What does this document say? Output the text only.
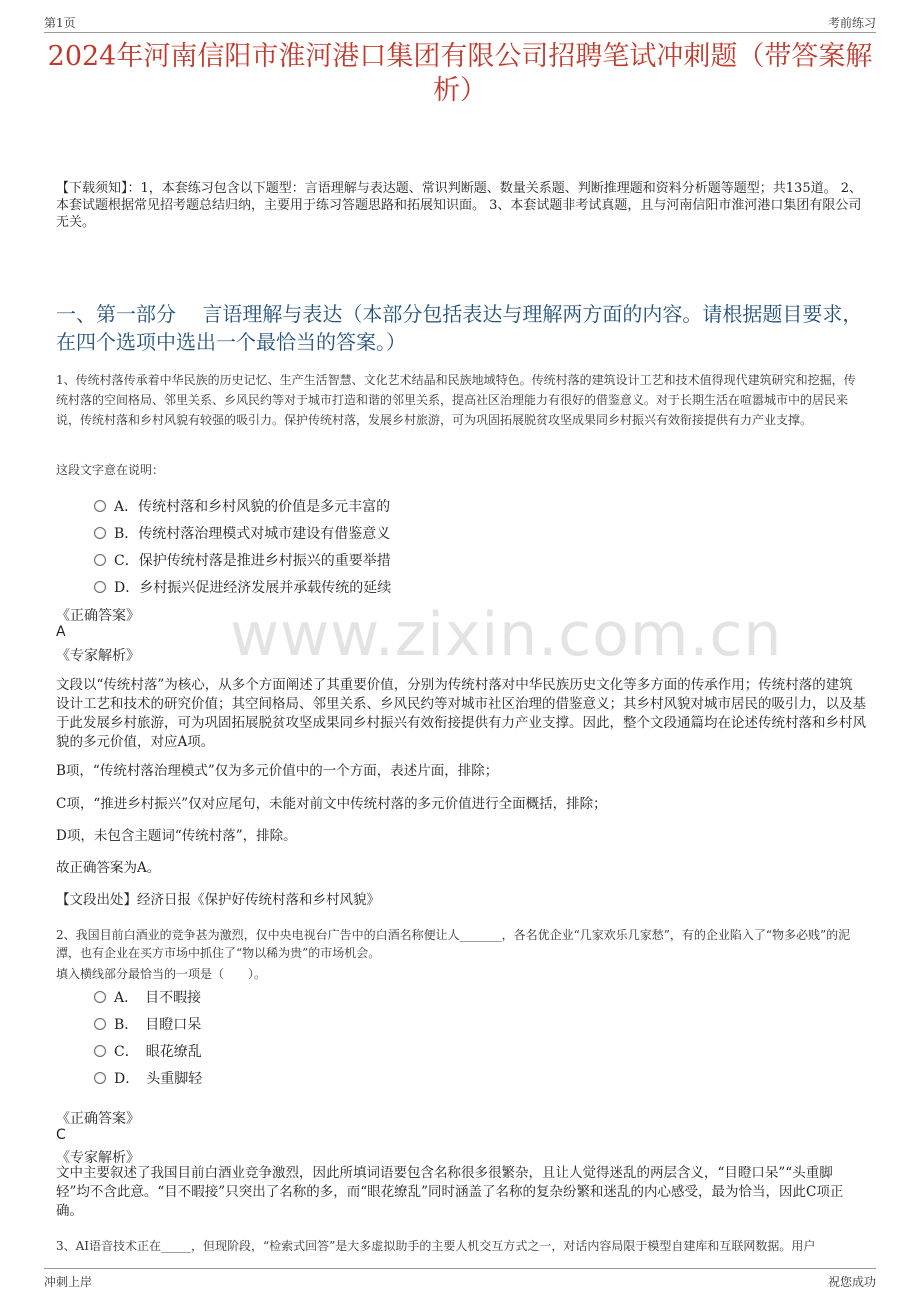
第1页	考前练习
2024年河南信阳市淮河港口集团有限公司招聘笔试冲刺题（带答案解析）
【下载须知】：1，本套练习包含以下题型：言语理解与表达题、常识判断题、数量关系题、判断推理题和资料分析题等题型；共135道。 2、本套试题根据常见招考题总结归纳，主要用于练习答题思路和拓展知识面。 3、本套试题非考试真题，且与河南信阳市淮河港口集团有限公司无关。
一、第一部分　 言语理解与表达（本部分包括表达与理解两方面的内容。请根据题目要求，在四个选项中选出一个最恰当的答案。）
1、传统村落传承着中华民族的历史记忆、生产生活智慧、文化艺术结晶和民族地域特色。传统村落的建筑设计工艺和技术值得现代建筑研究和挖掘，传统村落的空间格局、邻里关系、乡风民约等对于城市打造和谐的邻里关系，提高社区治理能力有很好的借鉴意义。对于长期生活在喧嚣城市中的居民来说，传统村落和乡村风貌有较强的吸引力。保护传统村落，发展乡村旅游，可为巩固拓展脱贫攻坚成果同乡村振兴有效衔接提供有力产业支撑。
这段文字意在说明：
A．传统村落和乡村风貌的价值是多元丰富的
B．传统村落治理模式对城市建设有借鉴意义
C．保护传统村落是推进乡村振兴的重要举措
D．乡村振兴促进经济发展并承载传统的延续
www.zixin.com.cn
《正确答案》
A
《专家解析》
文段以“传统村落”为核心，从多个方面阐述了其重要价值，分别为传统村落对中华民族历史文化等多方面的传承作用；传统村落的建筑设计工艺和技术的研究价值；其空间格局、邻里关系、乡风民约等对城市社区治理的借鉴意义；其乡村风貌对城市居民的吸引力，以及基于此发展乡村旅游，可为巩固拓展脱贫攻坚成果同乡村振兴有效衔接提供有力产业支撑。因此，整个文段通篇均在论述传统村落和乡村风貌的多元价值，对应A项。
B项，“传统村落治理模式”仅为多元价值中的一个方面，表述片面，排除；
C项，“推进乡村振兴”仅对应尾句，未能对前文中传统村落的多元价值进行全面概括，排除；
D项，未包含主题词“传统村落”，排除。
故正确答案为A。
【文段出处】经济日报《保护好传统村落和乡村风貌》
2、我国目前白酒业的竞争甚为激烈，仅中央电视台广告中的白酒名称便让人_______，各名优企业“几家欢乐几家愁”，有的企业陷入了“物多必贱”的泥潭，也有企业在买方市场中抓住了“物以稀为贵”的市场机会。
填入横线部分最恰当的一项是（　　）。
A．　目不暇接
B．　目瞪口呆
C．　眼花缭乱
D．　头重脚轻
《正确答案》
C
《专家解析》
文中主要叙述了我国目前白酒业竞争激烈，因此所填词语要包含名称很多很繁杂，且让人觉得迷乱的两层含义，“目瞪口呆”“头重脚轻”均不含此意。“目不暇接”只突出了名称的多，而“眼花缭乱”同时涵盖了名称的复杂纷繁和迷乱的内心感受，最为恰当，因此C项正确。
3、AI语音技术正在_____，但现阶段，“检索式回答”是大多虚拟助手的主要人机交互方式之一，对话内容局限于模型自建库和互联网数据。用户
冲刺上岸	祝您成功
